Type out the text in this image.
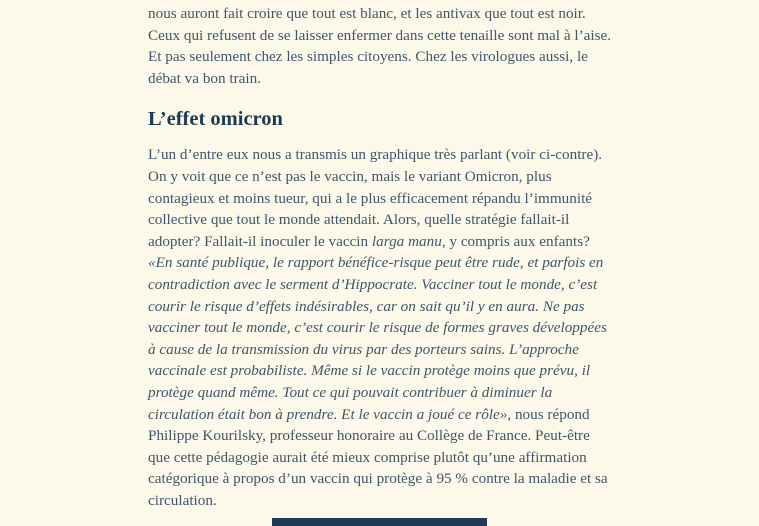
nous auront fait croire que tout est blanc, et les antivax que tout est noir. Ceux qui refusent de se laisser enfermer dans cette tenaille sont mal à l’aise. Et pas seulement chez les simples citoyens. Chez les virologues aussi, le débat va bon train.

L’effet omicron

L’un d’entre eux nous a transmis un graphique très parlant (voir ci-contre). On y voit que ce n’est pas le vaccin, mais le variant Omicron, plus contagieux et moins tueur, qui a le plus efficacement répandu l’immunité collective que tout le monde attendait. Alors, quelle stratégie fallait-il adopter? Fallait-il inoculer le vaccin larga manu, y compris aux enfants? «En santé publique, le rapport bénéfice-risque peut être rude, et parfois en contradiction avec le serment d’Hippocrate. Vacciner tout le monde, c’est courir le risque d’effets indésirables, car on sait qu’il y en aura. Ne pas vacciner tout le monde, c’est courir le risque de formes graves développées à cause de la transmission du virus par des porteurs sains. L’approche vaccinale est probabiliste. Même si le vaccin protège moins que prévu, il protège quand même. Tout ce qui pouvait contribuer à diminuer la circulation était bon à prendre. Et le vaccin a joué ce rôle», nous répond Philippe Kourilsky, professeur honoraire au Collège de France. Peut-être que cette pédagogie aurait été mieux comprise plutôt qu’une affirmation catégorique à propos d’un vaccin qui protège à 95 % contre la maladie et sa circulation.
